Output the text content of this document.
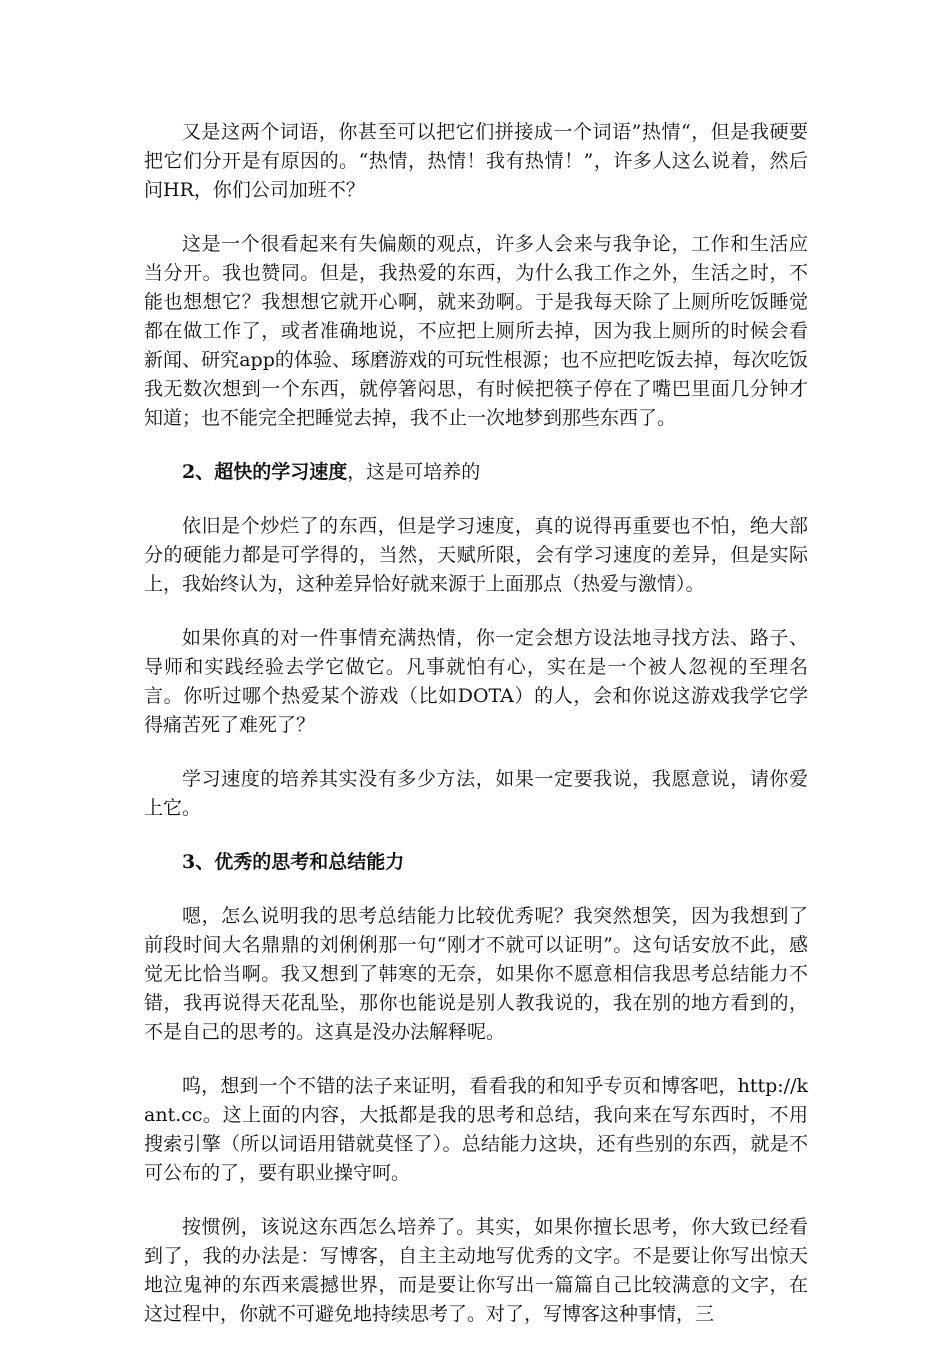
又是这两个词语，你甚至可以把它们拼接成一个词语”热情“，但是我硬要把它们分开是有原因的。“热情，热情！我有热情！”，许多人这么说着，然后问HR，你们公司加班不？

这是一个很看起来有失偏颇的观点，许多人会来与我争论，工作和生活应当分开。我也赞同。但是，我热爱的东西，为什么我工作之外，生活之时，不能也想想它？我想想它就开心啊，就来劲啊。于是我每天除了上厕所吃饭睡觉都在做工作了，或者准确地说，不应把上厕所去掉，因为我上厕所的时候会看新闻、研究app的体验、琢磨游戏的可玩性根源；也不应把吃饭去掉，每次吃饭我无数次想到一个东西，就停箸闷思，有时候把筷子停在了嘴巴里面几分钟才知道；也不能完全把睡觉去掉，我不止一次地梦到那些东西了。

2、超快的学习速度，这是可培养的

依旧是个炒烂了的东西，但是学习速度，真的说得再重要也不怕，绝大部分的硬能力都是可学得的，当然，天赋所限，会有学习速度的差异，但是实际上，我始终认为，这种差异恰好就来源于上面那点（热爱与激情）。

如果你真的对一件事情充满热情，你一定会想方设法地寻找方法、路子、导师和实践经验去学它做它。凡事就怕有心，实在是一个被人忽视的至理名言。你听过哪个热爱某个游戏（比如DOTA）的人，会和你说这游戏我学它学得痛苦死了难死了？

学习速度的培养其实没有多少方法，如果一定要我说，我愿意说，请你爱上它。

3、优秀的思考和总结能力

嗯，怎么说明我的思考总结能力比较优秀呢？我突然想笑，因为我想到了前段时间大名鼎鼎的刘俐俐那一句“刚才不就可以证明”。这句话安放不此，感觉无比恰当啊。我又想到了韩寒的无奈，如果你不愿意相信我思考总结能力不错，我再说得天花乱坠，那你也能说是别人教我说的，我在别的地方看到的，不是自己的思考的。这真是没办法解释呢。

呜，想到一个不错的法子来证明，看看我的和知乎专页和博客吧，http://kant.cc。这上面的内容，大抵都是我的思考和总结，我向来在写东西时，不用搜索引擎（所以词语用错就莫怪了）。总结能力这块，还有些别的东西，就是不可公布的了，要有职业操守呵。

按惯例，该说这东西怎么培养了。其实，如果你擅长思考，你大致已经看到了，我的办法是：写博客，自主主动地写优秀的文字。不是要让你写出惊天地泣鬼神的东西来震撼世界，而是要让你写出一篇篇自己比较满意的文字，在这过程中，你就不可避免地持续思考了。对了，写博客这种事情，三
